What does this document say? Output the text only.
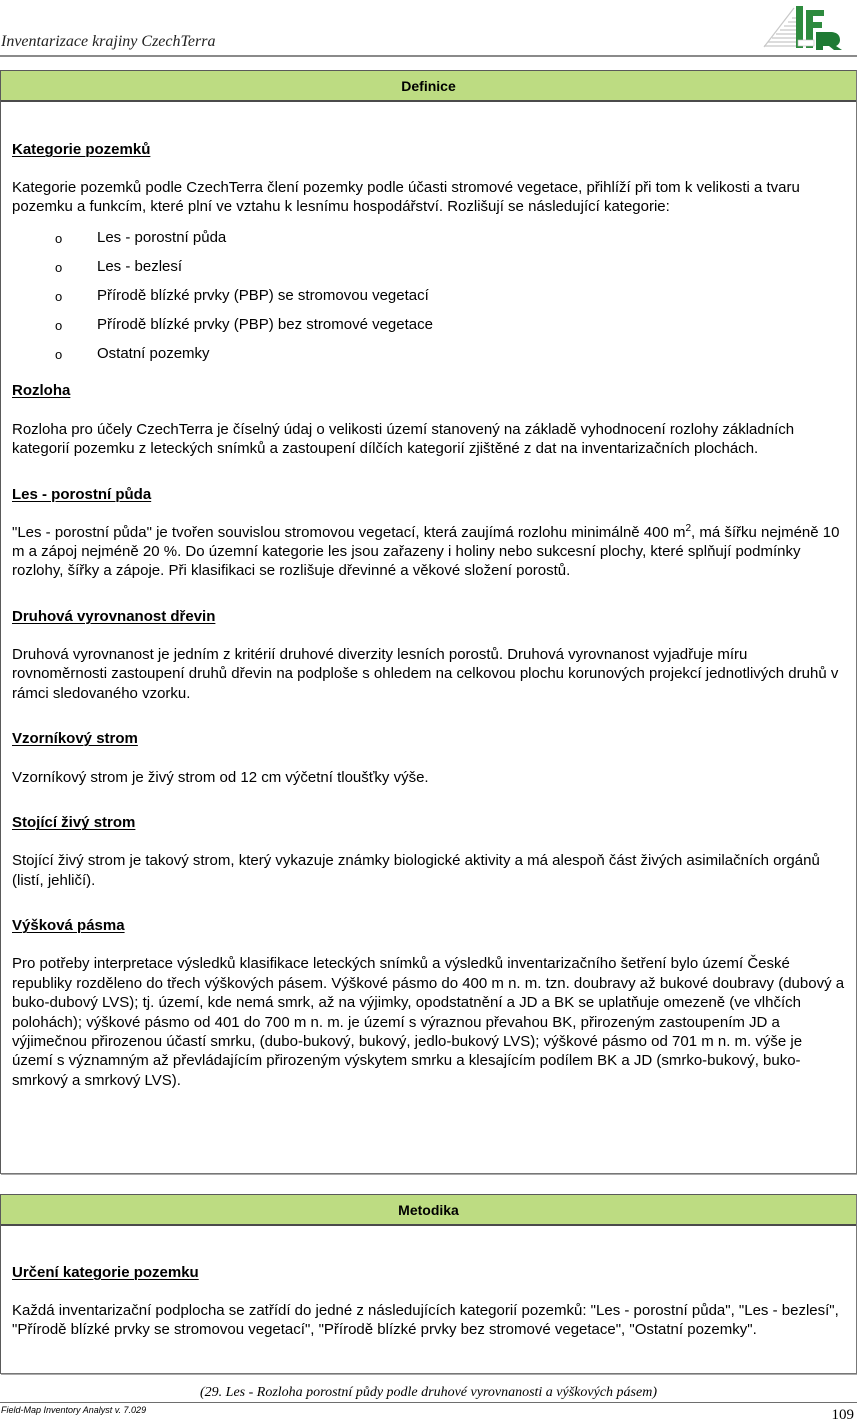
Inventarizace krajiny CzechTerra
Definice
Kategorie pozemků

Kategorie pozemků podle CzechTerra člení pozemky podle účasti stromové vegetace, přihlíží při tom k velikosti a tvaru pozemku a funkcím, které plní ve vztahu k lesnímu hospodářství. Rozlišují se následující kategorie:

o Les - porostní půda
o Les - bezlesí
o Přírodě blízké prvky (PBP) se stromovou vegetací
o Přírodě blízké prvky (PBP) bez stromové vegetace
o Ostatní pozemky
Rozloha

Rozloha pro účely CzechTerra je číselný údaj o velikosti území stanovený na základě vyhodnocení rozlohy základních kategorií pozemku z leteckých snímků a zastoupení dílčích kategorií zjištěné z dat na inventarizačních plochách.

Les - porostní půda

"Les - porostní půda" je tvořen souvislou stromovou vegetací, která zaujímá rozlohu minimálně 400 $m^2$, má šířku nejméně 10 m a zápoj nejméně 20 %. Do územní kategorie les jsou zařazeny i holiny nebo sukcesní plochy, které splňují podmínky rozlohy, šířky a zápoje. Při klasifikaci se rozlišuje dřevinné a věkové složení porostů.

Druhová vyrovnanost dřevin

Druhová vyrovnanost je jedním z kritérií druhové diverzity lesních porostů. Druhová vyrovnanost vyjadřuje míru rovnoměrnosti zastoupení druhů dřevin na podploše s ohledem na celkovou plochu korunových projekcí jednotlivých druhů v rámci sledovaného vzorku.

Vzorníkový strom

Vzorníkový strom je živý strom od 12 cm výčetní tloušťky výše.

Stojící živý strom

Stojící živý strom je takový strom, který vykazuje známky biologické aktivity a má alespoň část živých asimilačních orgánů (listí, jehličí).

Výšková pásma

Pro potřeby interpretace výsledků klasifikace leteckých snímků a výsledků inventarizačního šetření bylo území České republiky rozděleno do třech výškových pásem. Výškové pásmo do 400 m n. m. tzn. doubravy až bukové doubravy (dubový a buko-dubový LVS); tj. území, kde nemá smrk, až na výjimky, opodstatnění a JD a BK se uplatňuje omezeně (ve vlhčích polohách); výškové pásmo od 401 do 700 m n. m. je území s výraznou převahou BK, přirozeným zastoupením JD a výjimečnou přirozenou účastí smrku, (dubo-bukový, bukový, jedlo-bukový LVS); výškové pásmo od 701 m n. m. výše je území s významným až převládajícím přirozeným výskytem smrku a klesajícím podílem BK a JD (smrko-bukový, buko-smrkový a smrkový LVS).

Metodika
Určení kategorie pozemku

Každá inventarizační podplocha se zatřídí do jedné z následujících kategorií pozemků: "Les - porostní půda", "Les - bezlesí", "Přírodě blízké prvky se stromovou vegetací", "Přírodě blízké prvky bez stromové vegetace", "Ostatní pozemky".

(29. Les - Rozloha porostní půdy podle druhové vyrovnanosti a výškových pásem)
Field-Map Inventory Analyst v. 7.029	109
